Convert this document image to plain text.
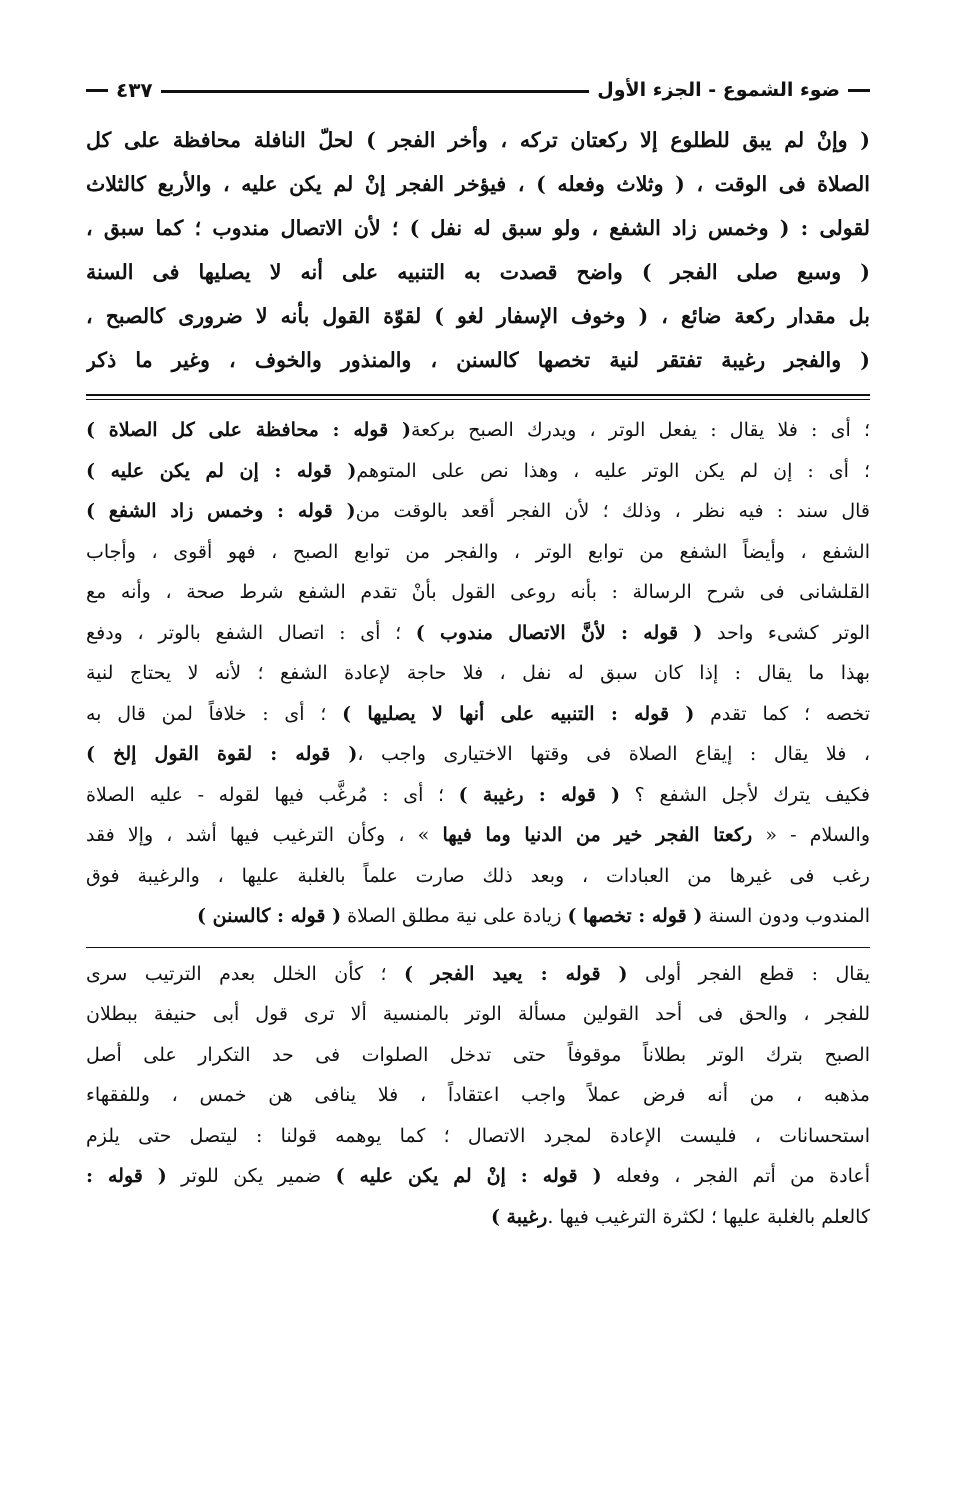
ضوء الشموع - الجزء الأول
٤٣٧
( وإنْ لم يبق للطلوع إلا ركعتان تركه ، وأخر الفجر ) لحلّ النافلة محافظة على كل
الصلاة فى الوقت ، ( وثلاث وفعله ) ، فيؤخر الفجر إنْ لم يكن عليه ، والأربع كالثلاث
لقولى : ( وخمس زاد الشفع ، ولو سبق له نفل ) ؛ لأن الاتصال مندوب ؛ كما سبق ،
( وسبع صلى الفجر ) واضح قصدت به التنبيه على أنه لا يصليها فى السنة
بل مقدار ركعة ضائع ، ( وخوف الإسفار لغو ) لقوّة القول بأنه لا ضرورى كالصبح ،
( والفجر رغيبة تفتقر لنية تخصها كالسنن ، والمنذور والخوف ، وغير ما ذكر
؛ أى : فلا يقال : يفعل الوتر ، ويدرك الصبح بركعة( قوله : محافظة على كل الصلاة )
؛ أى : إن لم يكن الوتر عليه ، وهذا نص على المتوهم( قوله : إن لم يكن عليه )
قال سند : فيه نظر ، وذلك ؛ لأن الفجر أقعد بالوقت من( قوله : وخمس زاد الشفع )
الشفع ، وأيضاً الشفع من توابع الوتر ، والفجر من توابع الصبح ، فهو أقوى ، وأجاب
القلشانى فى شرح الرسالة : بأنه روعى القول بأنْ تقدم الشفع شرط صحة ، وأنه مع
الوتر كشىء واحد ( قوله : لأنَّ الاتصال مندوب ) ؛ أى : اتصال الشفع بالوتر ، ودفع
بهذا ما يقال : إذا كان سبق له نفل ، فلا حاجة لإعادة الشفع ؛ لأنه لا يحتاج لنية
تخصه ؛ كما تقدم ( قوله : التنبيه على أنها لا يصليها ) ؛ أى : خلافاً لمن قال به
، فلا يقال : إيقاع الصلاة فى وقتها الاختيارى واجب ،( قوله : لقوة القول إلخ )
فكيف يترك لأجل الشفع ؟ ( قوله : رغيبة ) ؛ أى : مُرغَّب فيها لقوله - عليه الصلاة
والسلام - « ركعتا الفجر خير من الدنيا وما فيها » ، وكأن الترغيب فيها أشد ، وإلا فقد
رغب فى غيرها من العبادات ، وبعد ذلك صارت علماً بالغلبة عليها ، والرغيبة فوق
المندوب ودون السنة ( قوله : تخصها ) زيادة على نية مطلق الصلاة ( قوله : كالسنن )
يقال : قطع الفجر أولى ( قوله : يعيد الفجر ) ؛ كأن الخلل بعدم الترتيب سرى
للفجر ، والحق فى أحد القولين مسألة الوتر بالمنسية ألا ترى قول أبى حنيفة ببطلان
الصبح بترك الوتر بطلاناً موقوفاً حتى تدخل الصلوات فى حد التكرار على أصل
مذهبه ، من أنه فرض عملاً واجب اعتقاداً ، فلا ينافى هن خمس ، وللفقهاء
استحسانات ، فليست الإعادة لمجرد الاتصال ؛ كما يوهمه قولنا : ليتصل حتى يلزم
أعادة من أتم الفجر ، وفعله ( قوله : إنْ لم يكن عليه ) ضمير يكن للوتر ( قوله :
كالعلم بالغلبة عليها ؛ لكثرة الترغيب فيها .رغيبة )
